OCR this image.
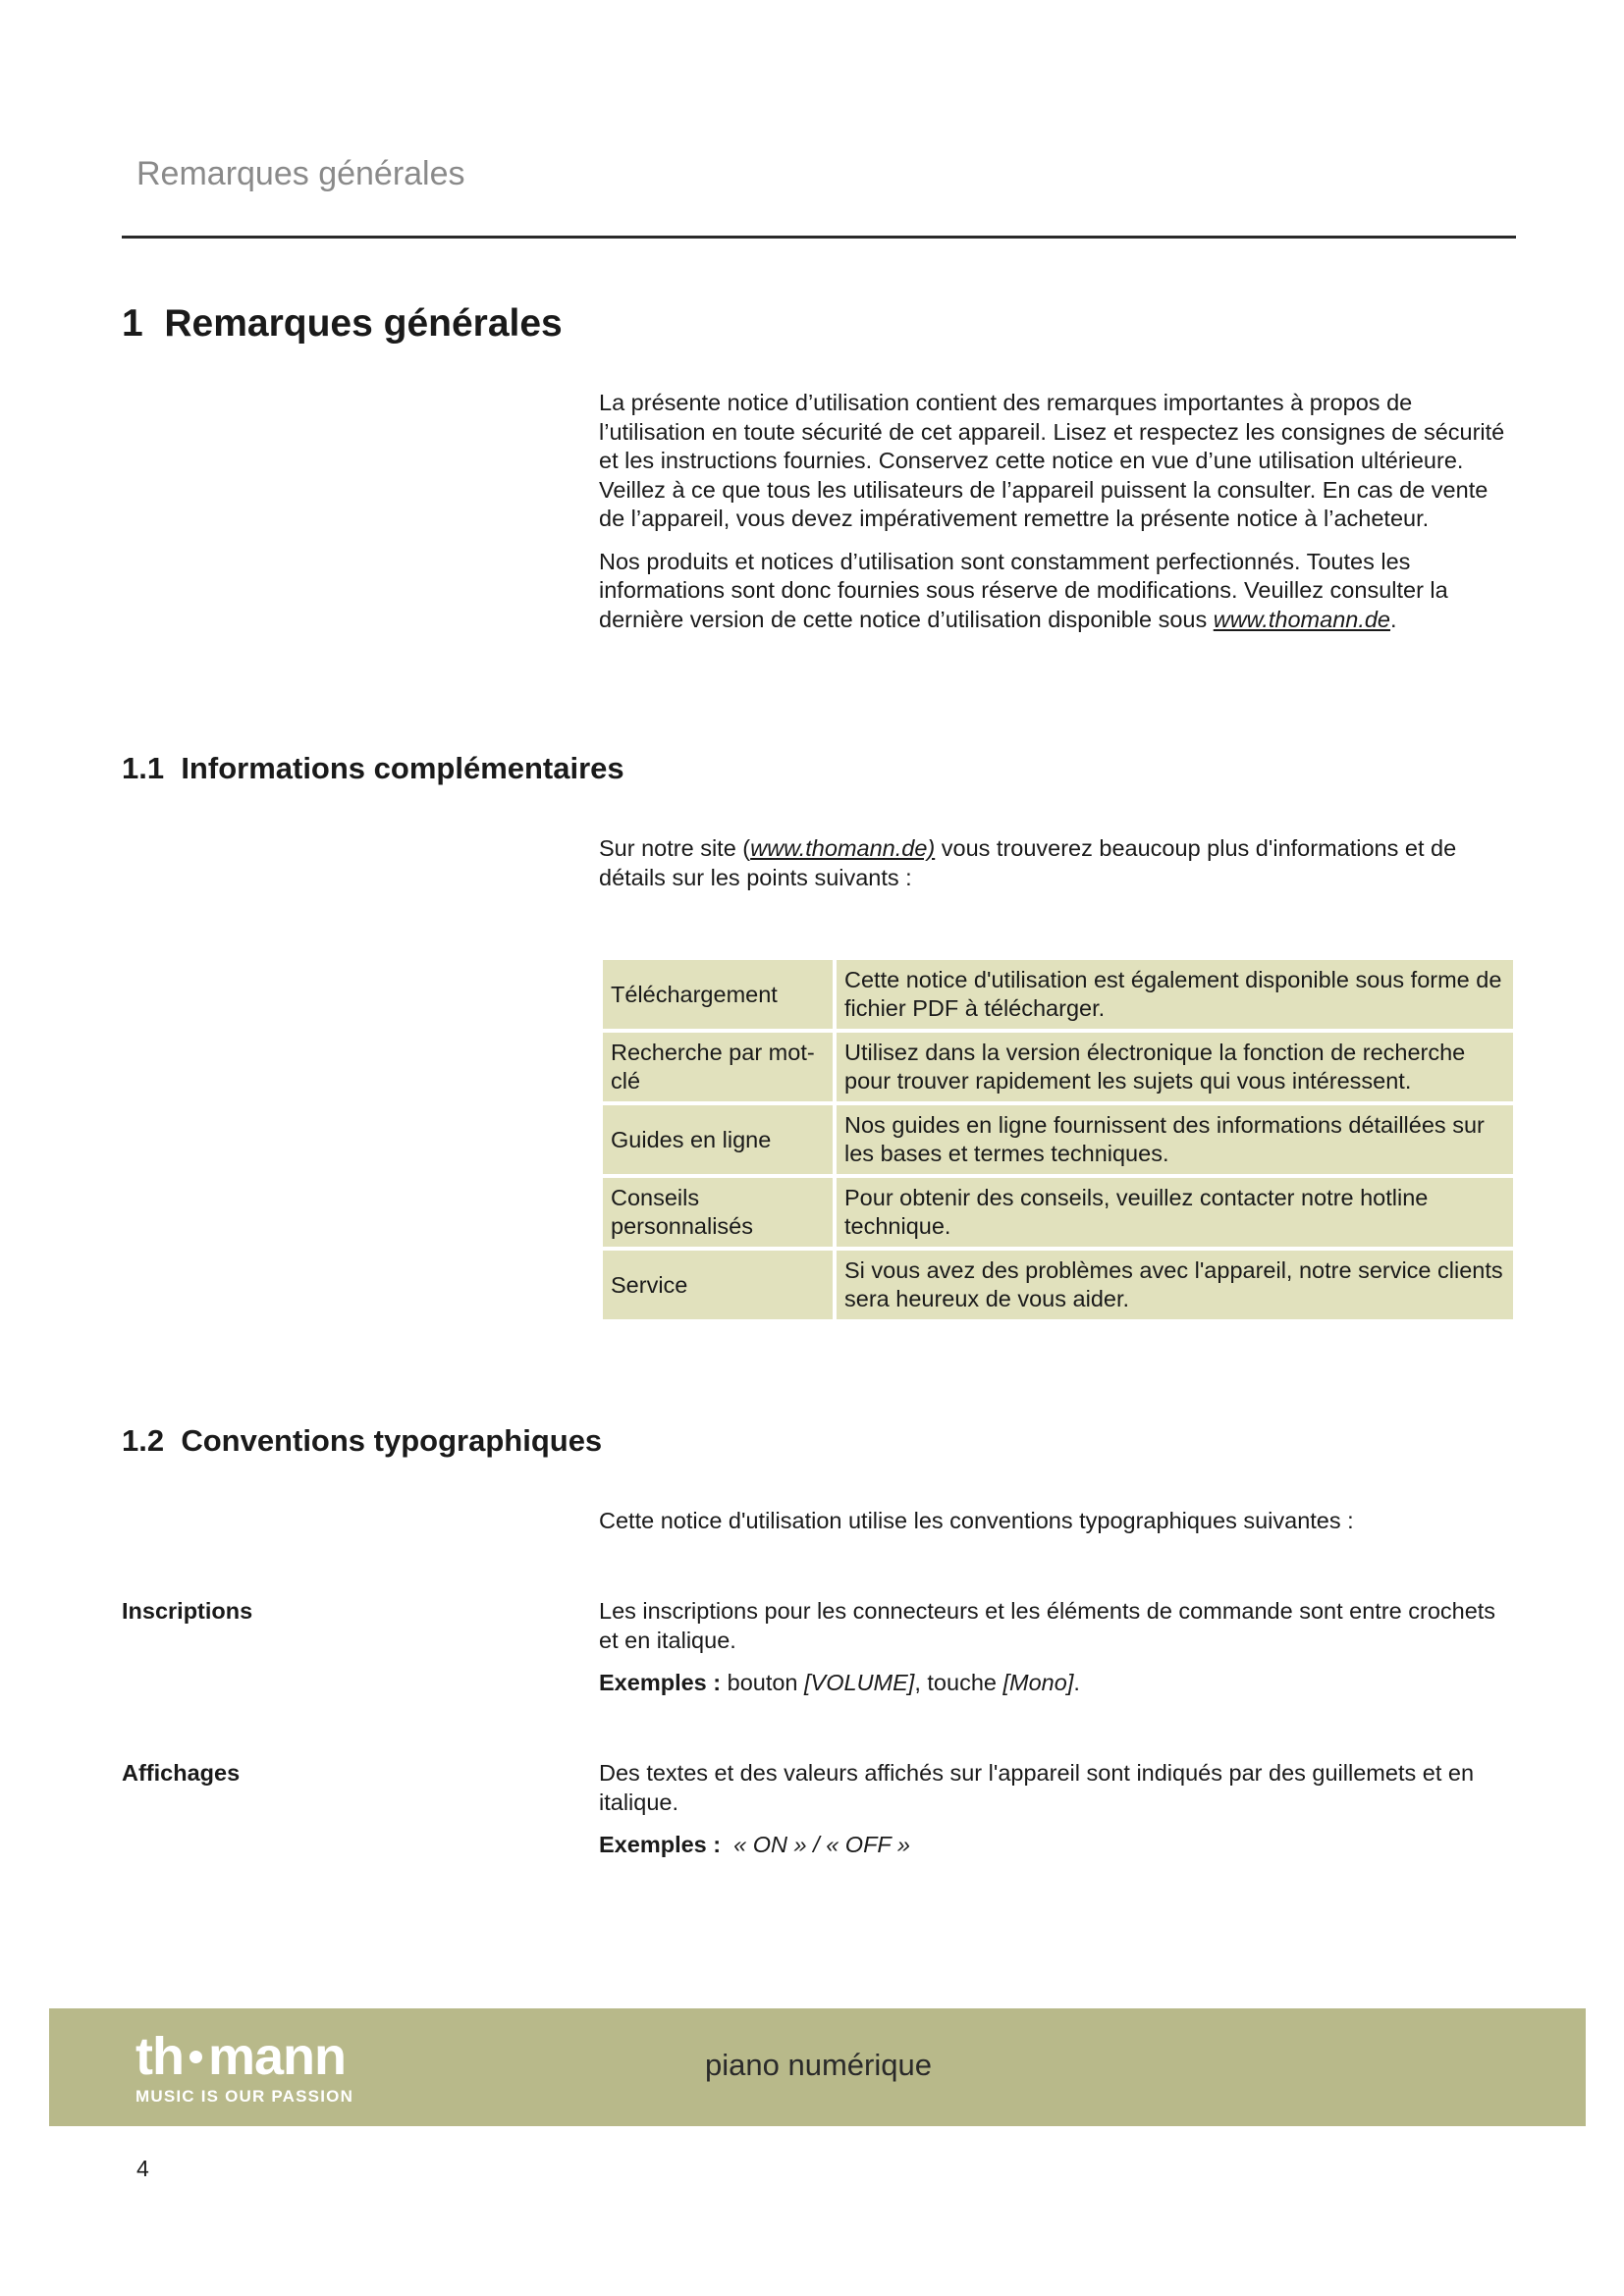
Remarques générales
1  Remarques générales

La présente notice d’utilisation contient des remarques importantes à propos de l’utilisation en toute sécurité de cet appareil. Lisez et respectez les consignes de sécurité et les instructions fournies. Conservez cette notice en vue d’une utilisation ultérieure. Veillez à ce que tous les utilisateurs de l’appareil puissent la consulter. En cas de vente de l’appareil, vous devez impérativement remettre la présente notice à l’acheteur.

Nos produits et notices d’utilisation sont constamment perfectionnés. Toutes les informations sont donc fournies sous réserve de modifications. Veuillez consulter la dernière version de cette notice d’utilisation disponible sous www.thomann.de.

1.1  Informations complémentaires

Sur notre site (www.thomann.de) vous trouverez beaucoup plus d'informations et de détails sur les points suivants :

Téléchargement	Cette notice d'utilisation est également disponible sous forme de fichier PDF à télécharger.
Recherche par mot-clé	Utilisez dans la version électronique la fonction de recherche pour trouver rapidement les sujets qui vous intéressent.
Guides en ligne	Nos guides en ligne fournissent des informations détaillées sur les bases et termes techniques.
Conseils personnalisés	Pour obtenir des conseils, veuillez contacter notre hotline technique.
Service	Si vous avez des problèmes avec l'appareil, notre service clients sera heureux de vous aider.
1.2  Conventions typographiques

Cette notice d'utilisation utilise les conventions typographiques suivantes :

Inscriptions	Les inscriptions pour les connecteurs et les éléments de commande sont entre crochets et en italique.

Exemples : bouton [VOLUME], touche [Mono].

Affichages	Des textes et des valeurs affichés sur l'appareil sont indiqués par des guillemets et en italique.

Exemples : « ON » / « OFF »

th mann
MUSIC IS OUR PASSION
piano numérique
4
